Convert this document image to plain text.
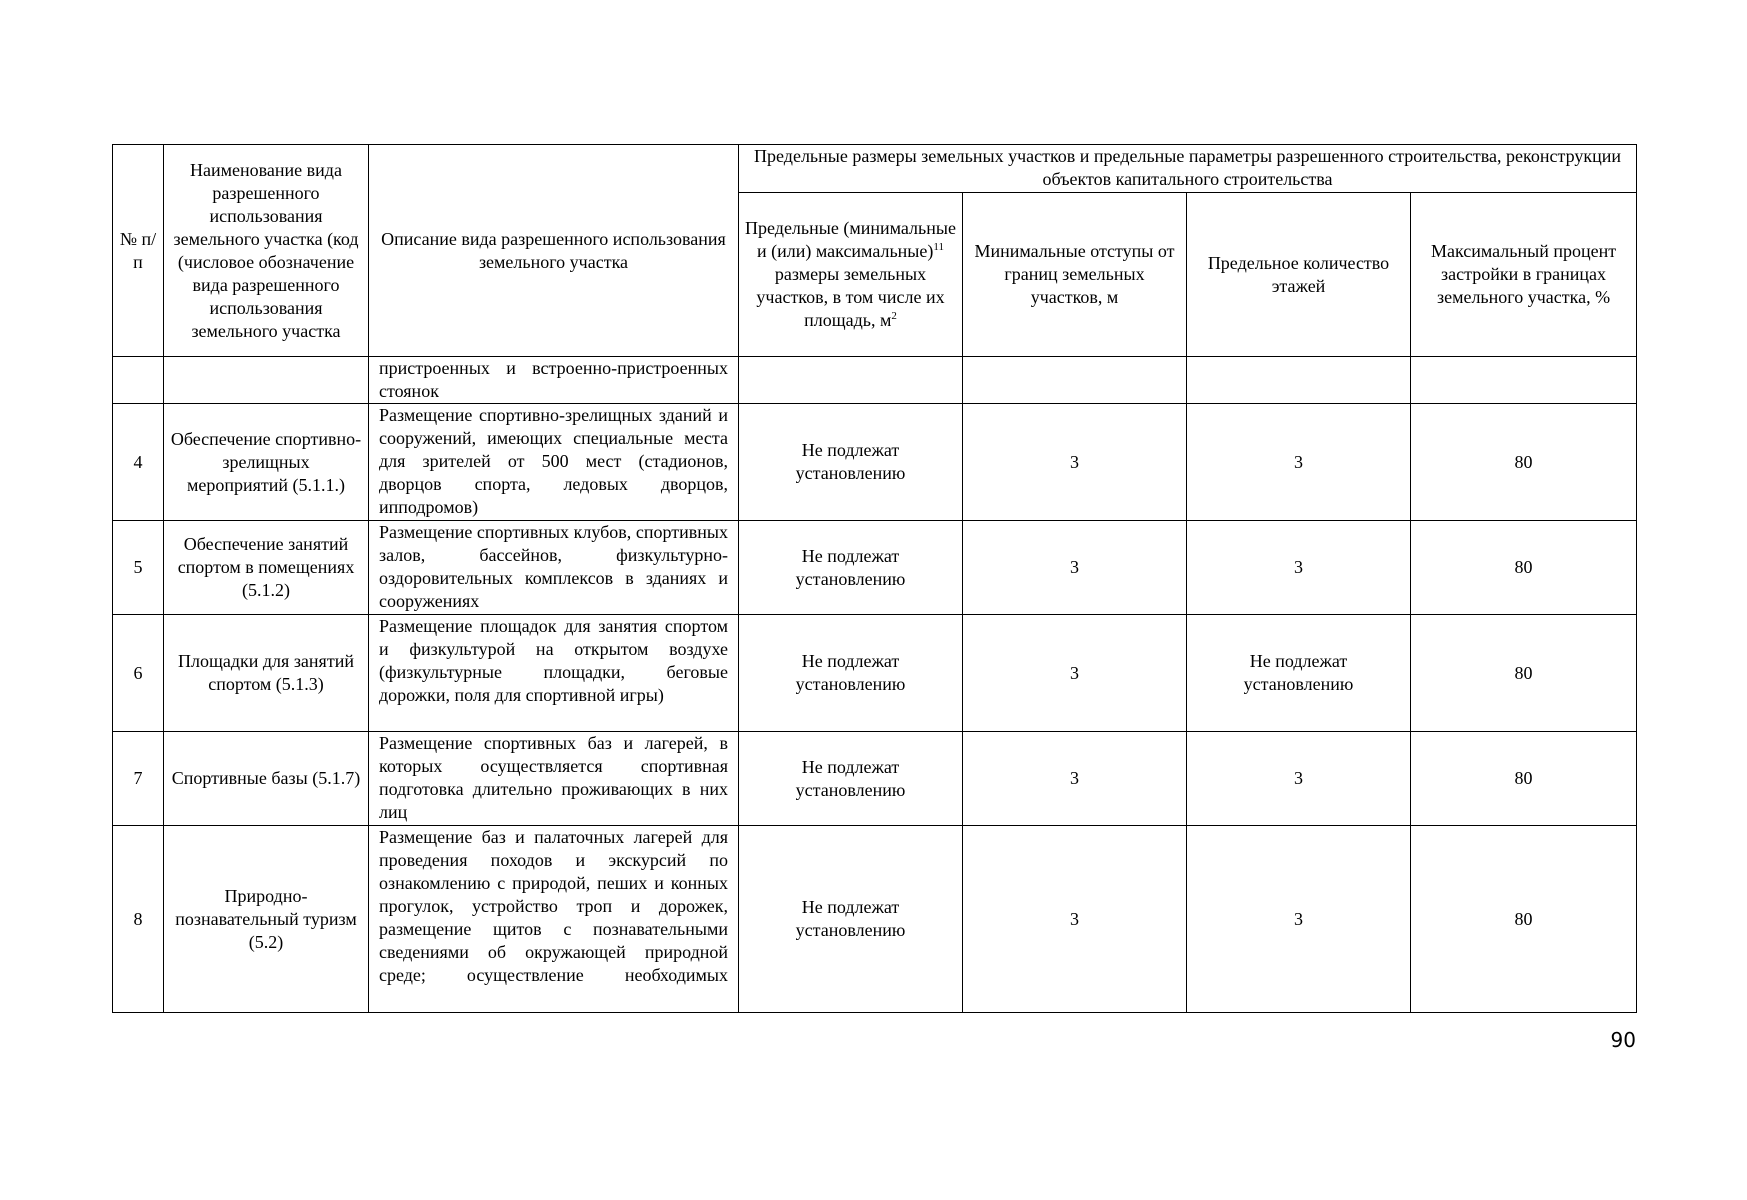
№ п/п	Наименование вида разрешенного использования земельного участка (код (числовое обозначение вида разрешенного использования земельного участка	Описание вида разрешенного использования земельного участка	Предельные размеры земельных участков и предельные параметры разрешенного строительства, реконструкции объектов капитального строительства			
			Предельные (минимальные и (или) максимальные)$^{11}$ размеры земельных участков, в том числе их площадь, $м^2$	Минимальные отступы от границ земельных участков, м	Предельное количество этажей	Максимальный процент застройки в границах земельного участка, %
		пристроенных и встроенно-пристроенных стоянок				
4	Обеспечение спортивно-зрелищных мероприятий (5.1.1.)	Размещение спортивно-зрелищных зданий и сооружений, имеющих специальные места для зрителей от 500 мест (стадионов, дворцов спорта, ледовых дворцов, ипподромов)	Не подлежат установлению	3	3	80
5	Обеспечение занятий спортом в помещениях (5.1.2)	Размещение спортивных клубов, спортивных залов, бассейнов, физкультурно-оздоровительных комплексов в зданиях и сооружениях	Не подлежат установлению	3	3	80
6	Площадки для занятий спортом (5.1.3)	Размещение площадок для занятия спортом и физкультурой на открытом воздухе (физкультурные площадки, беговые дорожки, поля для спортивной игры)	Не подлежат установлению	3	Не подлежат установлению	80
7	Спортивные базы (5.1.7)	Размещение спортивных баз и лагерей, в которых осуществляется спортивная подготовка длительно проживающих в них лиц	Не подлежат установлению	3	3	80
8	Природно-познавательный туризм (5.2)	Размещение баз и палаточных лагерей для проведения походов и экскурсий по ознакомлению с природой, пеших и конных прогулок, устройство троп и дорожек, размещение щитов с познавательными сведениями об окружающей природной среде; осуществление необходимых	Не подлежат установлению	3	3	80
90
